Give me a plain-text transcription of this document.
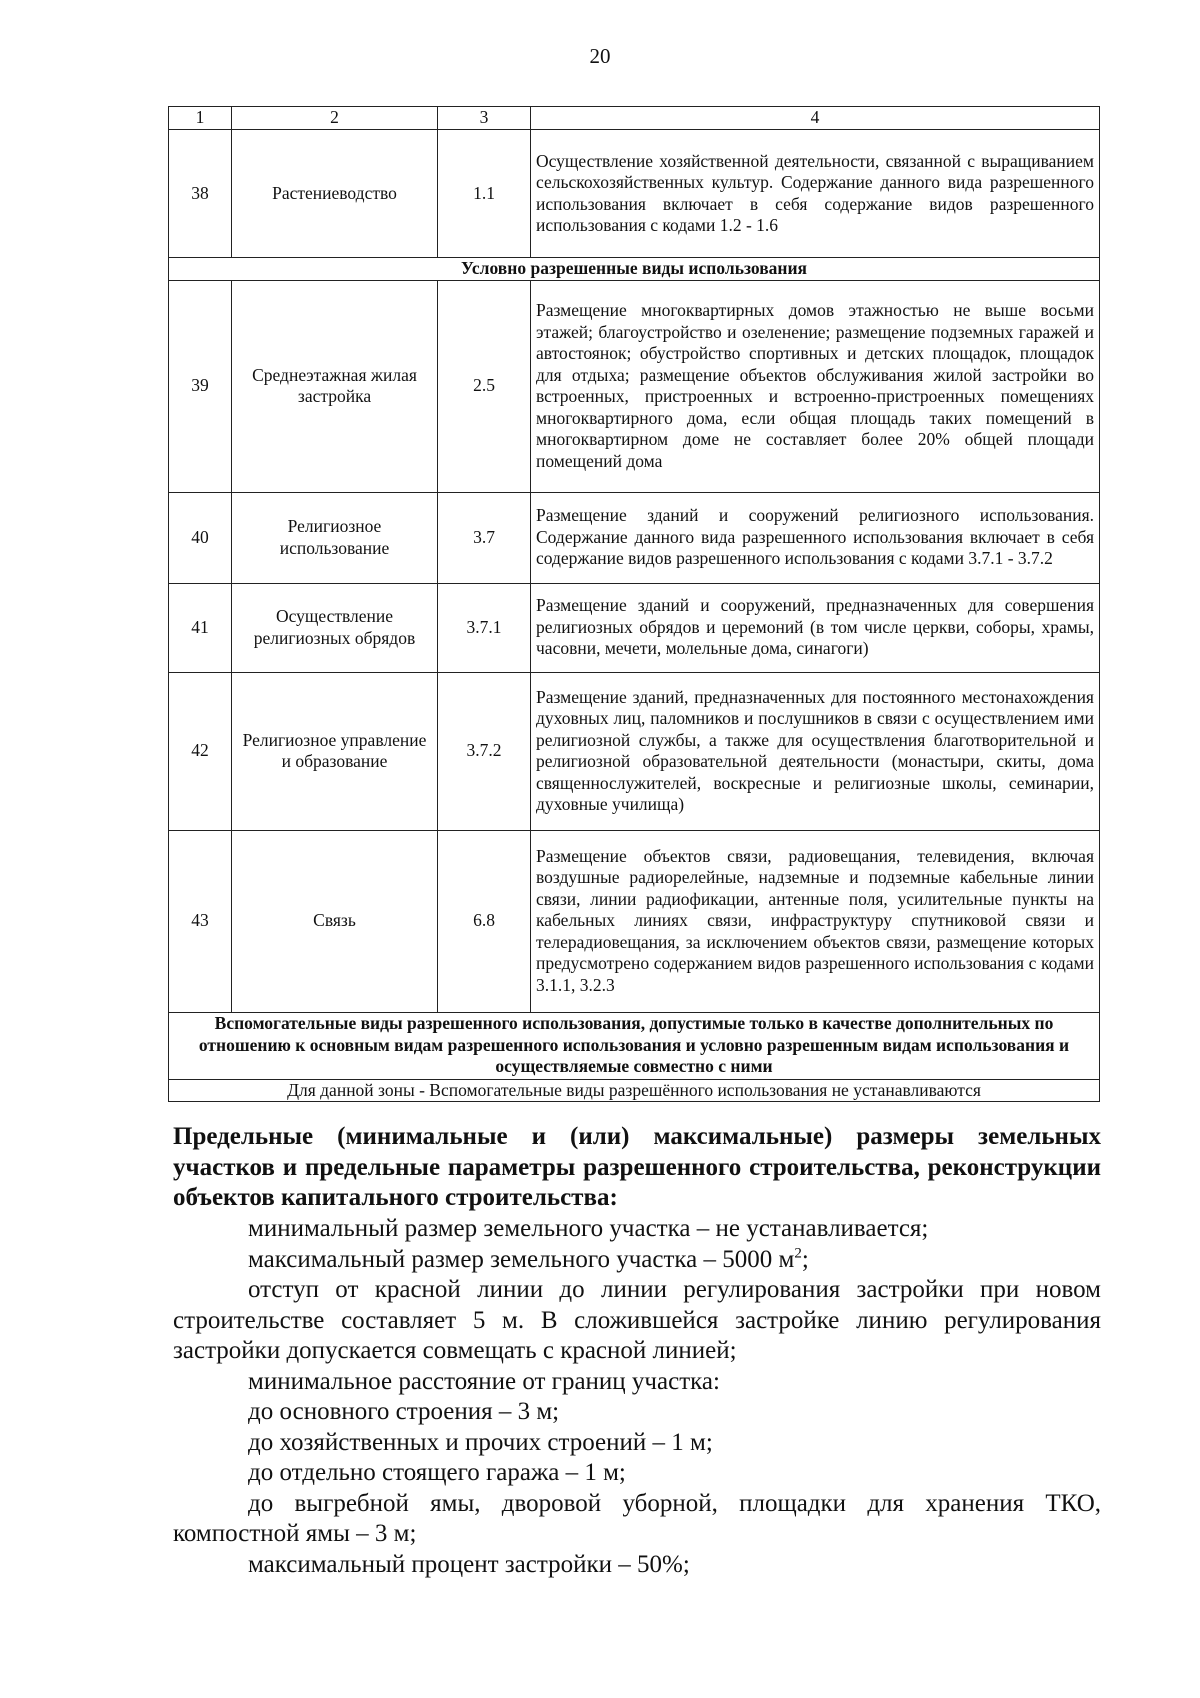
20
1	2	3	4
38	Растениеводство	1.1	Осуществление хозяйственной деятельности, связанной с выращиванием сельскохозяйственных культур. Содержание данного вида разрешенного использования включает в себя содержание видов разрешенного использования с кодами 1.2 - 1.6
Условно разрешенные виды использования			
39	Среднеэтажная жилая застройка	2.5	Размещение многоквартирных домов этажностью не выше восьми этажей; благоустройство и озеленение; размещение подземных гаражей и автостоянок; обустройство спортивных и детских площадок, площадок для отдыха; размещение объектов обслуживания жилой застройки во встроенных, пристроенных и встроенно-пристроенных помещениях многоквартирного дома, если общая площадь таких помещений в многоквартирном доме не составляет более 20% общей площади помещений дома
40	Религиозное использование	3.7	Размещение зданий и сооружений религиозного использования. Содержание данного вида разрешенного использования включает в себя содержание видов разрешенного использования с кодами 3.7.1 - 3.7.2
41	Осуществление религиозных обрядов	3.7.1	Размещение зданий и сооружений, предназначенных для совершения религиозных обрядов и церемоний (в том числе церкви, соборы, храмы, часовни, мечети, молельные дома, синагоги)
42	Религиозное управление и образование	3.7.2	Размещение зданий, предназначенных для постоянного местонахождения духовных лиц, паломников и послушников в связи с осуществлением ими религиозной службы, а также для осуществления благотворительной и религиозной образовательной деятельности (монастыри, скиты, дома священнослужителей, воскресные и религиозные школы, семинарии, духовные училища)
43	Связь	6.8	Размещение объектов связи, радиовещания, телевидения, включая воздушные радиорелейные, надземные и подземные кабельные линии связи, линии радиофикации, антенные поля, усилительные пункты на кабельных линиях связи, инфраструктуру спутниковой связи и телерадиовещания, за исключением объектов связи, размещение которых предусмотрено содержанием видов разрешенного использования с кодами 3.1.1, 3.2.3
Вспомогательные виды разрешенного использования, допустимые только в качестве дополнительных по отношению к основным видам разрешенного использования и условно разрешенным видам использования и осуществляемые совместно с ними			
Для данной зоны - Вспомогательные виды разрешённого использования не устанавливаются			
Предельные (минимальные и (или) максимальные) размеры земельных участков и предельные параметры разрешенного строительства, реконструкции объектов капитального строительства:

минимальный размер земельного участка – не устанавливается;

максимальный размер земельного участка – 5000 $м^2$;

отступ от красной линии до линии регулирования застройки при новом строительстве составляет 5 м. В сложившейся застройке линию регулирования застройки допускается совмещать с красной линией;

минимальное расстояние от границ участка:

до основного строения – 3 м;

до хозяйственных и прочих строений – 1 м;

до отдельно стоящего гаража – 1 м;

до выгребной ямы, дворовой уборной, площадки для хранения ТКО, компостной ямы – 3 м;

максимальный процент застройки – 50%;
